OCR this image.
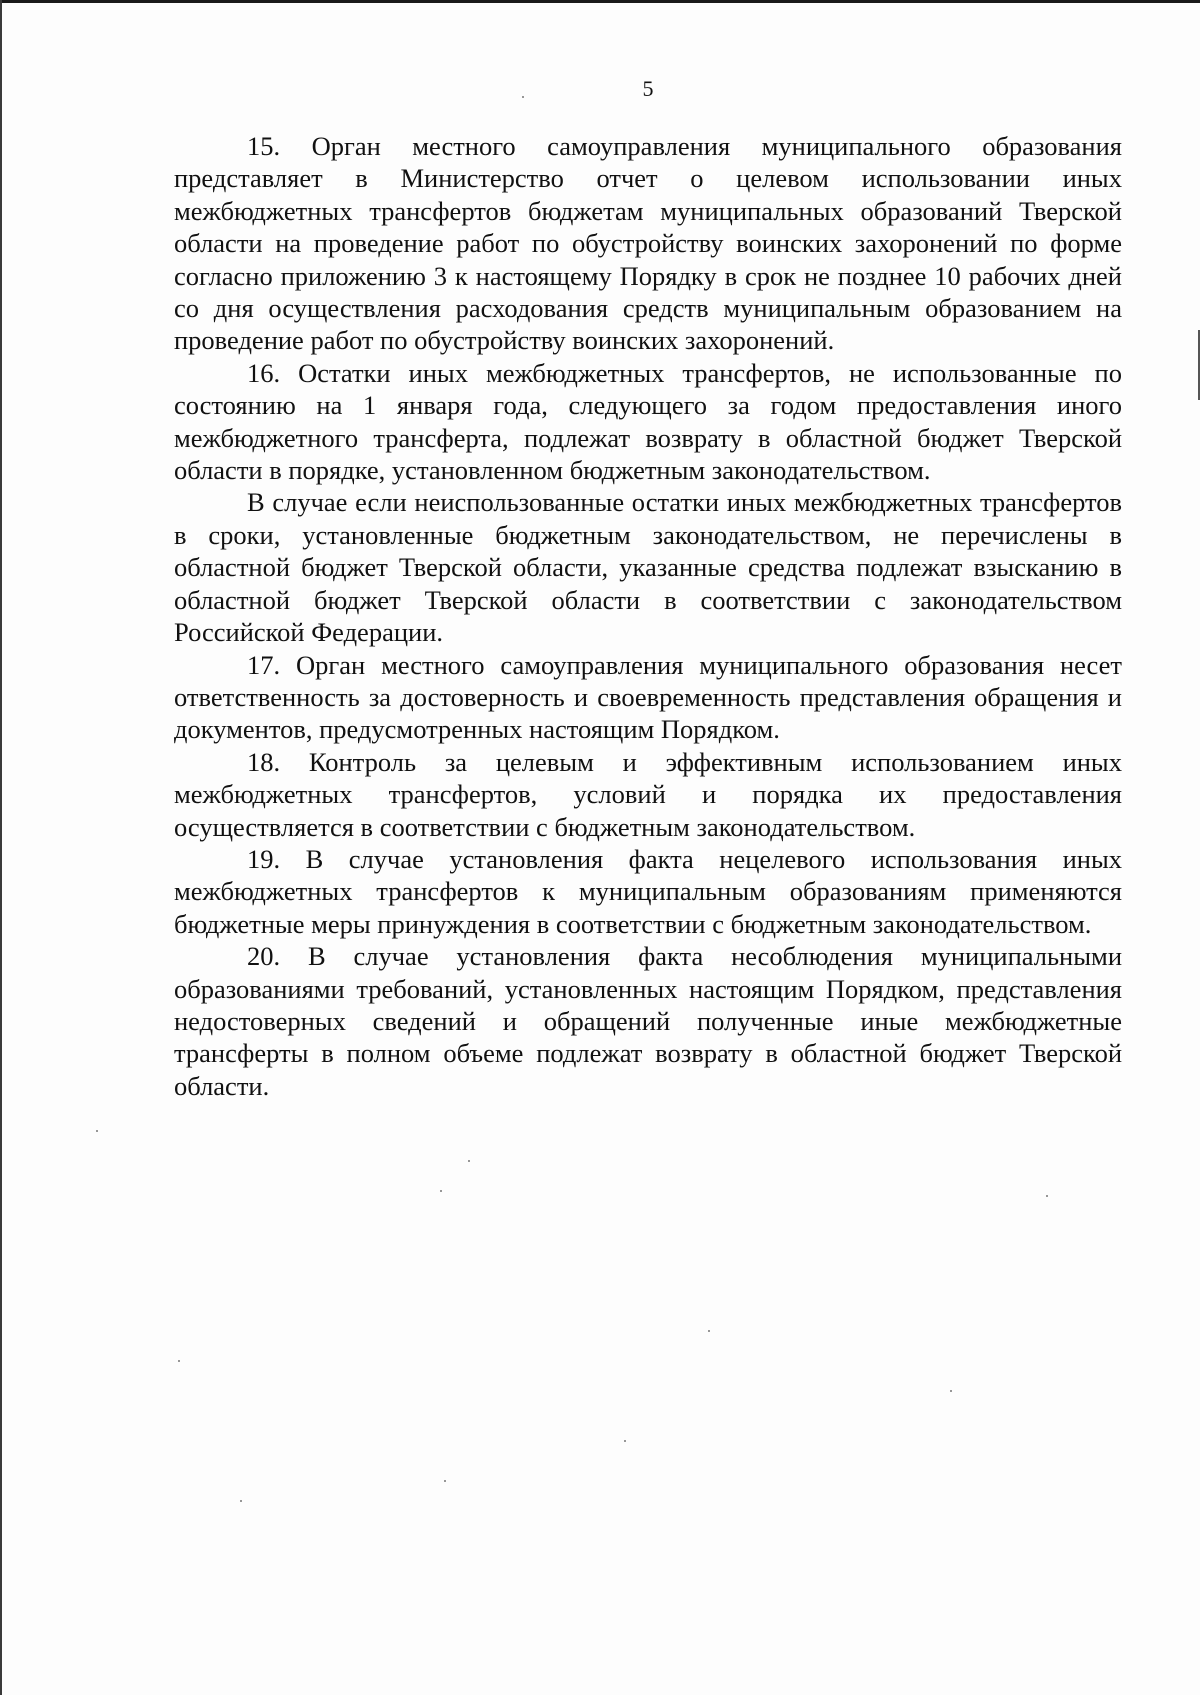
5

15. Орган местного самоуправления муниципального образования представляет в Министерство отчет о целевом использовании иных межбюджетных трансфертов бюджетам муниципальных образований Тверской области на проведение работ по обустройству воинских захоронений по форме согласно приложению 3 к настоящему Порядку в срок не позднее 10 рабочих дней со дня осуществления расходования средств муниципальным образованием на проведение работ по обустройству воинских захоронений.

16. Остатки иных межбюджетных трансфертов, не использованные по состоянию на 1 января года, следующего за годом предоставления иного межбюджетного трансферта, подлежат возврату в областной бюджет Тверской области в порядке, установленном бюджетным законодательством.

В случае если неиспользованные остатки иных межбюджетных трансфертов в сроки, установленные бюджетным законодательством, не перечислены в областной бюджет Тверской области, указанные средства подлежат взысканию в областной бюджет Тверской области в соответствии с законодательством Российской Федерации.

17. Орган местного самоуправления муниципального образования несет ответственность за достоверность и своевременность представления обращения и документов, предусмотренных настоящим Порядком.

18. Контроль за целевым и эффективным использованием иных межбюджетных трансфертов, условий и порядка их предоставления осуществляется в соответствии с бюджетным законодательством.

19. В случае установления факта нецелевого использования иных межбюджетных трансфертов к муниципальным образованиям применяются бюджетные меры принуждения в соответствии с бюджетным законодательством.

20. В случае установления факта несоблюдения муниципальными образованиями требований, установленных настоящим Порядком, представления недостоверных сведений и обращений полученные иные межбюджетные трансферты в полном объеме подлежат возврату в областной бюджет Тверской области.
